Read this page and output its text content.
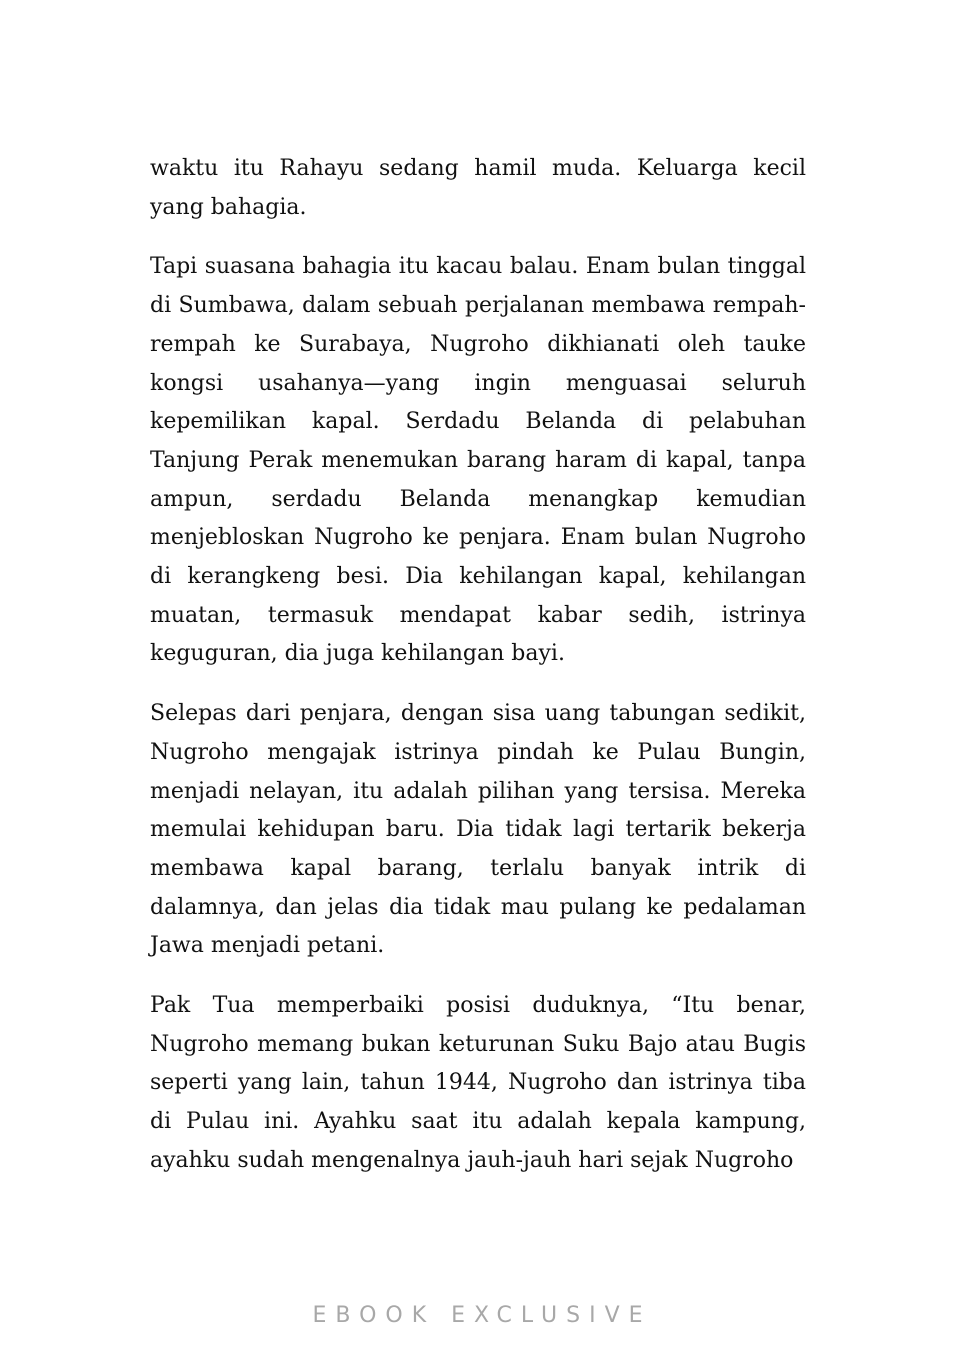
waktu itu Rahayu sedang hamil muda. Keluarga kecil yang bahagia.

Tapi suasana bahagia itu kacau balau. Enam bulan tinggal di Sumbawa, dalam sebuah perjalanan membawa rempah-rempah ke Surabaya, Nugroho dikhianati oleh tauke kongsi usahanya—yang ingin menguasai seluruh kepemilikan kapal. Serdadu Belanda di pelabuhan Tanjung Perak menemukan barang haram di kapal, tanpa ampun, serdadu Belanda menangkap kemudian menjebloskan Nugroho ke penjara. Enam bulan Nugroho di kerangkeng besi. Dia kehilangan kapal, kehilangan muatan, termasuk mendapat kabar sedih, istrinya keguguran, dia juga kehilangan bayi.

Selepas dari penjara, dengan sisa uang tabungan sedikit, Nugroho mengajak istrinya pindah ke Pulau Bungin, menjadi nelayan, itu adalah pilihan yang tersisa. Mereka memulai kehidupan baru. Dia tidak lagi tertarik bekerja membawa kapal barang, terlalu banyak intrik di dalamnya, dan jelas dia tidak mau pulang ke pedalaman Jawa menjadi petani.

Pak Tua memperbaiki posisi duduknya, “Itu benar, Nugroho memang bukan keturunan Suku Bajo atau Bugis seperti yang lain, tahun 1944, Nugroho dan istrinya tiba di Pulau ini. Ayahku saat itu adalah kepala kampung, ayahku sudah mengenalnya jauh-jauh hari sejak Nugroho

EBOOK EXCLUSIVE
